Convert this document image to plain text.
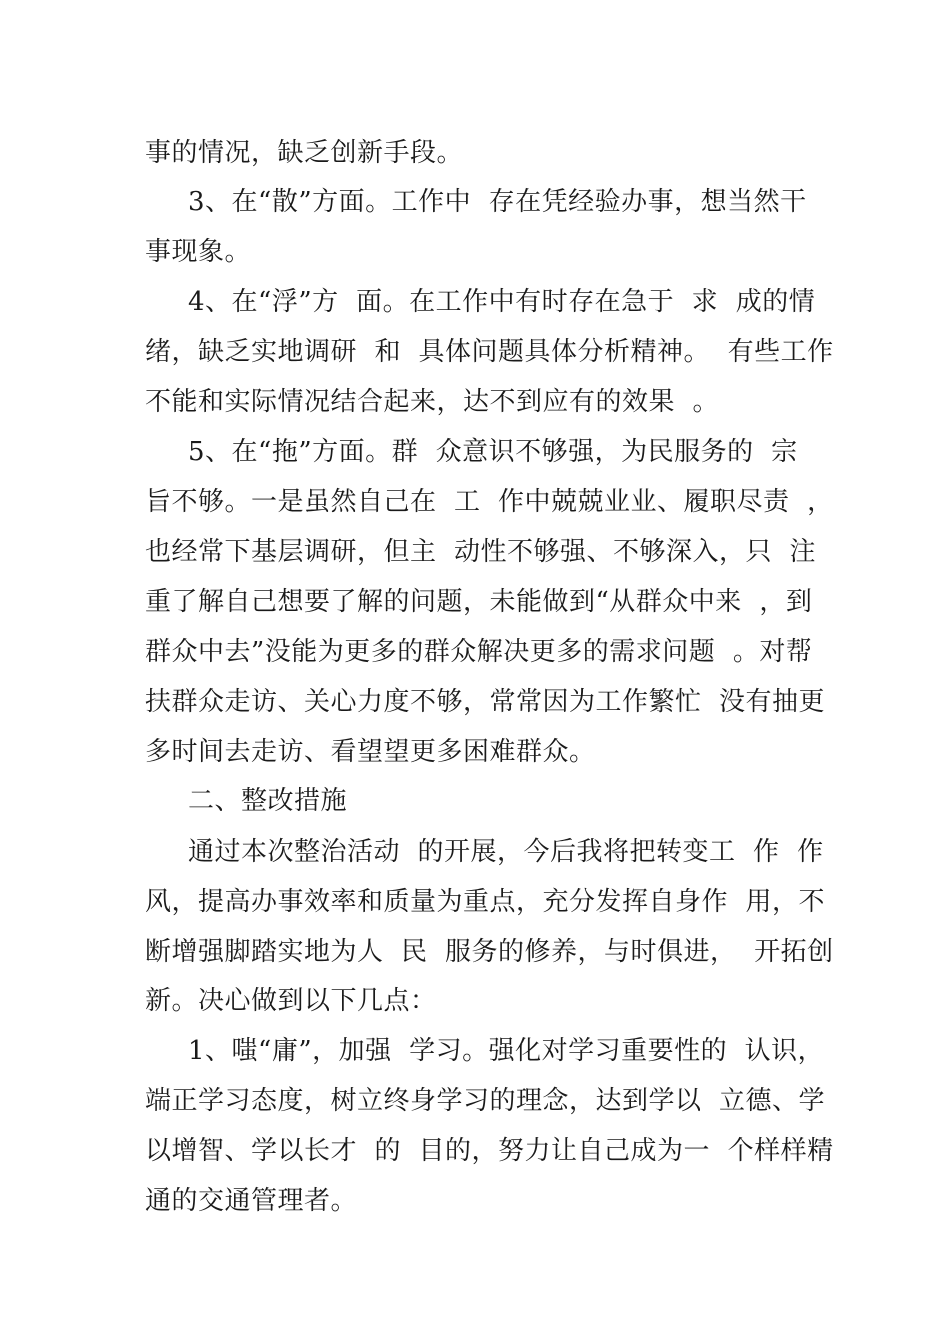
事的情况，缺乏创新手段。
3、在“散”方面。工作中  存在凭经验办事，想当然干
事现象。
4、在“浮”方  面。在工作中有时存在急于  求  成的情
绪，缺乏实地调研  和  具体问题具体分析精神。  有些工作
不能和实际情况结合起来，达不到应有的效果  。
5、在“拖”方面。群  众意识不够强，为民服务的  宗
旨不够。一是虽然自己在  工  作中兢兢业业、履职尽责  ，
也经常下基层调研，但主  动性不够强、不够深入，只  注
重了解自己想要了解的问题，未能做到“从群众中来  ，到
群众中去”没能为更多的群众解决更多的需求问题  。对帮
扶群众走访、关心力度不够，常常因为工作繁忙  没有抽更
多时间去走访、看望望更多困难群众。
二、整改措施
通过本次整治活动  的开展，今后我将把转变工  作  作
风，提高办事效率和质量为重点，充分发挥自身作  用，不
断增强脚踏实地为人  民  服务的修养，与时俱进，  开拓创
新。决心做到以下几点：
1、嗤“庸”，加强  学习。强化对学习重要性的  认识，
端正学习态度，树立终身学习的理念，达到学以  立德、学
以增智、学以长才  的  目的，努力让自己成为一  个样样精
通的交通管理者。
